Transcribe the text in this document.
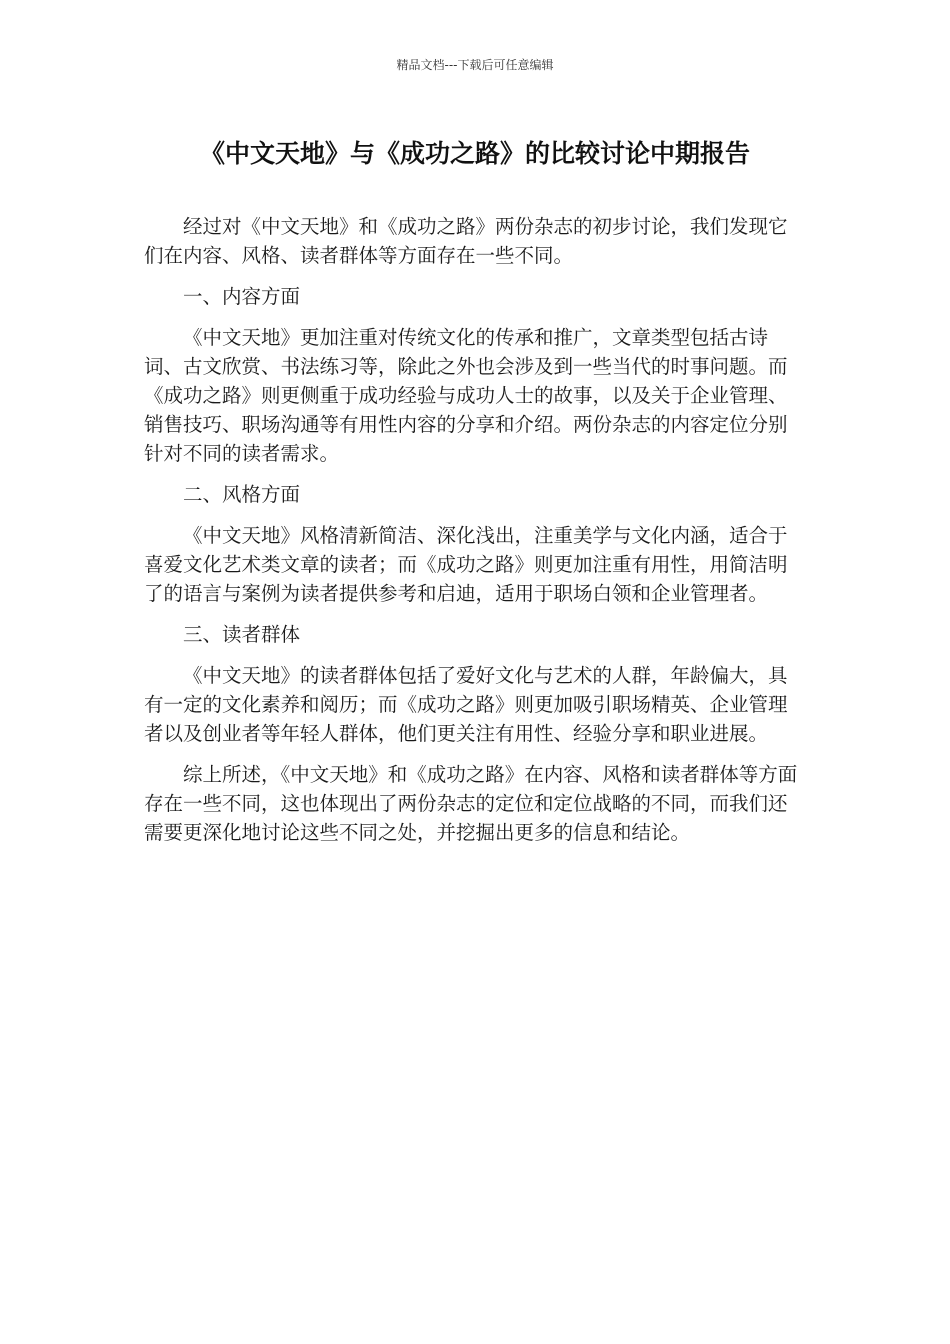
精品文档---下载后可任意编辑
《中文天地》与《成功之路》的比较讨论中期报告

经过对《中文天地》和《成功之路》两份杂志的初步讨论，我们发现它们在内容、风格、读者群体等方面存在一些不同。

一、内容方面

《中文天地》更加注重对传统文化的传承和推广，文章类型包括古诗词、古文欣赏、书法练习等，除此之外也会涉及到一些当代的时事问题。而《成功之路》则更侧重于成功经验与成功人士的故事，以及关于企业管理、销售技巧、职场沟通等有用性内容的分享和介绍。两份杂志的内容定位分别针对不同的读者需求。

二、风格方面

《中文天地》风格清新简洁、深化浅出，注重美学与文化内涵，适合于喜爱文化艺术类文章的读者；而《成功之路》则更加注重有用性，用简洁明了的语言与案例为读者提供参考和启迪，适用于职场白领和企业管理者。

三、读者群体

《中文天地》的读者群体包括了爱好文化与艺术的人群，年龄偏大，具有一定的文化素养和阅历；而《成功之路》则更加吸引职场精英、企业管理者以及创业者等年轻人群体，他们更关注有用性、经验分享和职业进展。

综上所述，《中文天地》和《成功之路》在内容、风格和读者群体等方面存在一些不同，这也体现出了两份杂志的定位和定位战略的不同，而我们还需要更深化地讨论这些不同之处，并挖掘出更多的信息和结论。
